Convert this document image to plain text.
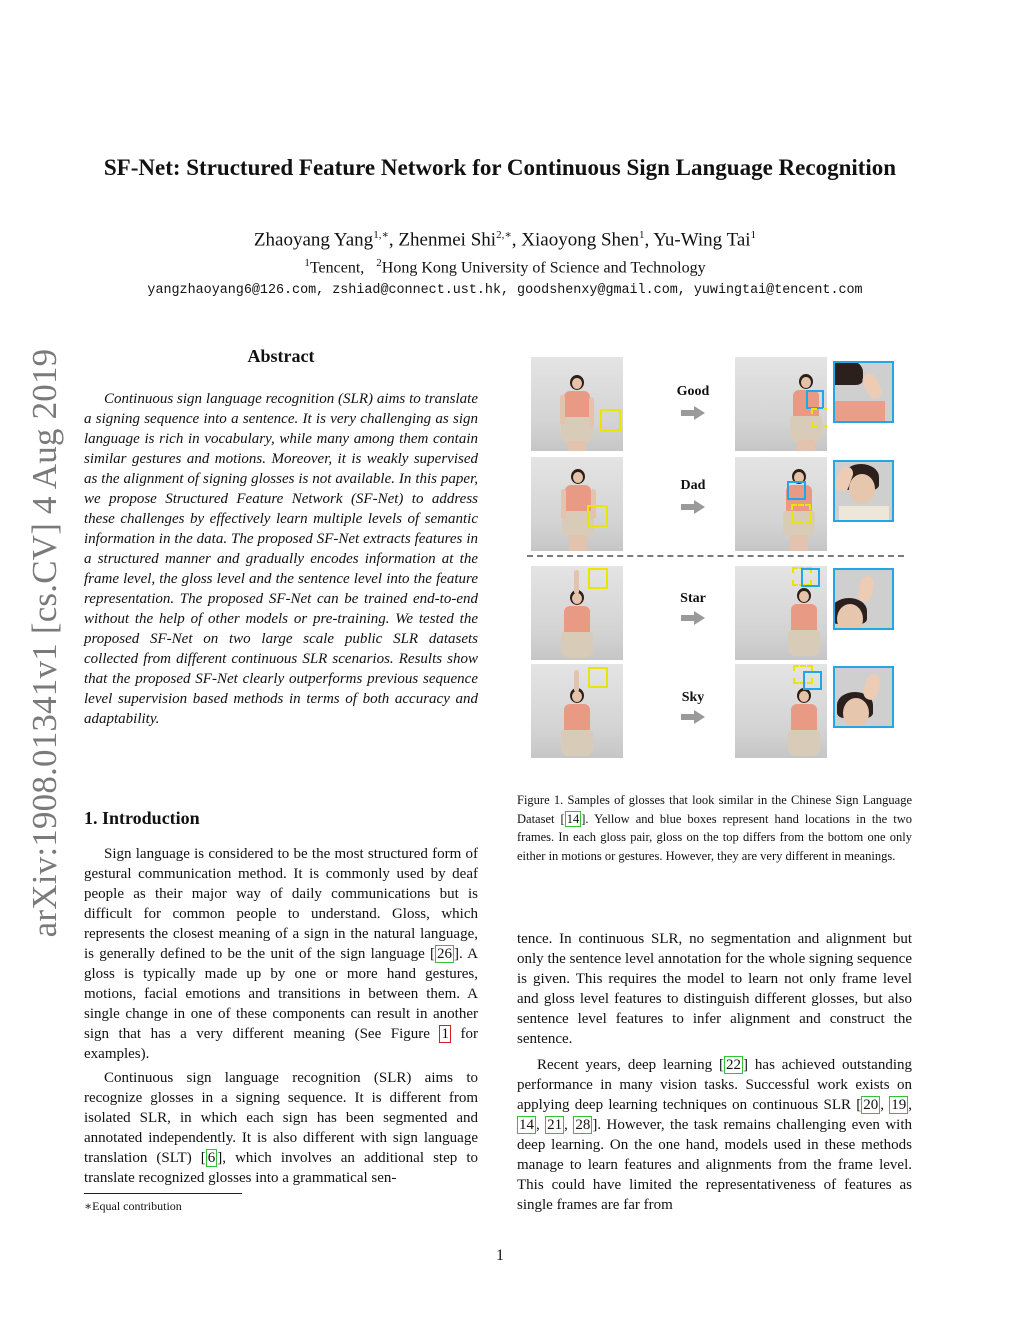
arXiv:1908.01341v1 [cs.CV] 4 Aug 2019
SF-Net: Structured Feature Network for Continuous Sign Language Recognition
Zhaoyang Yang$^{1,∗}$, Zhenmei Shi$^{2,∗}$, Xiaoyong Shen$^1$, Yu-Wing Tai$^1$
$^1$Tencent, $^2$Hong Kong University of Science and Technology
yangzhaoyang6@126.com, zshiad@connect.ust.hk, goodshenxy@gmail.com, yuwingtai@tencent.com
Abstract

Continuous sign language recognition (SLR) aims to translate a signing sequence into a sentence. It is very challenging as sign language is rich in vocabulary, while many among them contain similar gestures and motions. Moreover, it is weakly supervised as the alignment of signing glosses is not available. In this paper, we propose Structured Feature Network (SF-Net) to address these challenges by effectively learn multiple levels of semantic information in the data. The proposed SF-Net extracts features in a structured manner and gradually encodes information at the frame level, the gloss level and the sentence level into the feature representation. The proposed SF-Net can be trained end-to-end without the help of other models or pre-training. We tested the proposed SF-Net on two large scale public SLR datasets collected from different continuous SLR scenarios. Results show that the proposed SF-Net clearly outperforms previous sequence level supervision based methods in terms of both accuracy and adaptability.

1. Introduction

Sign language is considered to be the most structured form of gestural communication method. It is commonly used by deaf people as their major way of daily communications but is difficult for common people to understand. Gloss, which represents the closest meaning of a sign in the natural language, is generally defined to be the unit of the sign language [ 26 ]. A gloss is typically made up by one or more hand gestures, motions, facial emotions and transitions in between them. A single change in one of these components can result in another sign that has a very different meaning (See Figure 1 for examples).

Continuous sign language recognition (SLR) aims to recognize glosses in a signing sequence. It is different from isolated SLR, in which each sign has been segmented and annotated independently. It is also different with sign language translation (SLT) [ 6 ], which involves an additional step to translate recognized glosses into a grammatical sen-

∗Equal contribution
Good
Dad
Star
Sky
Figure 1. Samples of glosses that look similar in the Chinese Sign Language Dataset [ 14 ]. Yellow and blue boxes represent hand locations in the two frames. In each gloss pair, gloss on the top differs from the bottom one only either in motions or gestures. However, they are very different in meanings.

tence. In continuous SLR, no segmentation and alignment but only the sentence level annotation for the whole signing sequence is given. This requires the model to learn not only frame level and gloss level features to distinguish different glosses, but also sentence level features to infer alignment and construct the sentence.

Recent years, deep learning [ 22 ] has achieved outstanding performance in many vision tasks. Successful work exists on applying deep learning techniques on continuous SLR [ 20 , 19 , 14 , 21 , 28 ]. However, the task remains challenging even with deep learning. On the one hand, models used in these methods manage to learn features and alignments from the frame level. This could have limited the representativeness of features as single frames are far from

1
